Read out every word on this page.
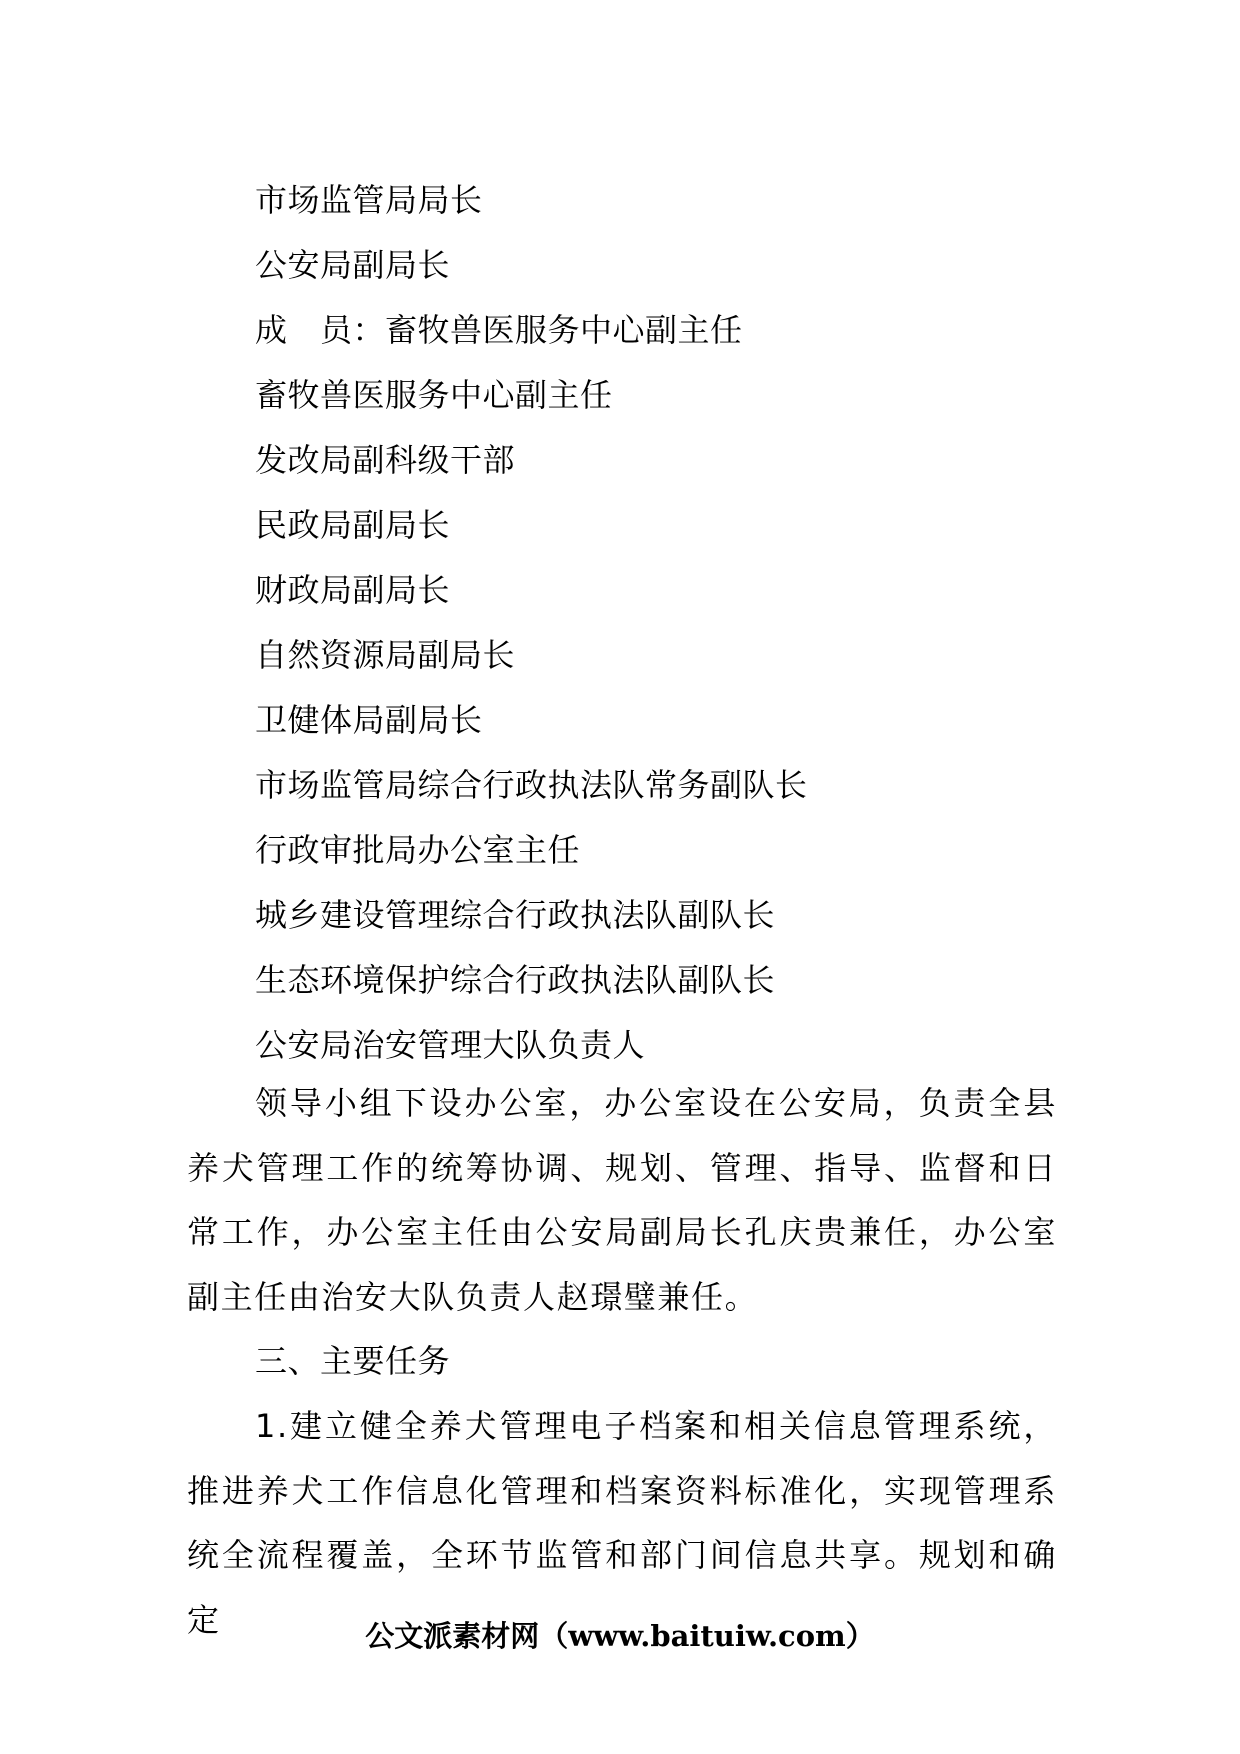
市场监管局局长
公安局副局长
成　员：畜牧兽医服务中心副主任
畜牧兽医服务中心副主任
发改局副科级干部
民政局副局长
财政局副局长
自然资源局副局长
卫健体局副局长
市场监管局综合行政执法队常务副队长
行政审批局办公室主任
城乡建设管理综合行政执法队副队长
生态环境保护综合行政执法队副队长
公安局治安管理大队负责人

领导小组下设办公室，办公室设在公安局，负责全县养犬管理工作的统筹协调、规划、管理、指导、监督和日常工作，办公室主任由公安局副局长孔庆贵兼任，办公室副主任由治安大队负责人赵璟璧兼任。

三、主要任务

1.建立健全养犬管理电子档案和相关信息管理系统，推进养犬工作信息化管理和档案资料标准化，实现管理系统全流程覆盖，全环节监管和部门间信息共享。规划和确定	公文派素材网（www.baituiw.com）
